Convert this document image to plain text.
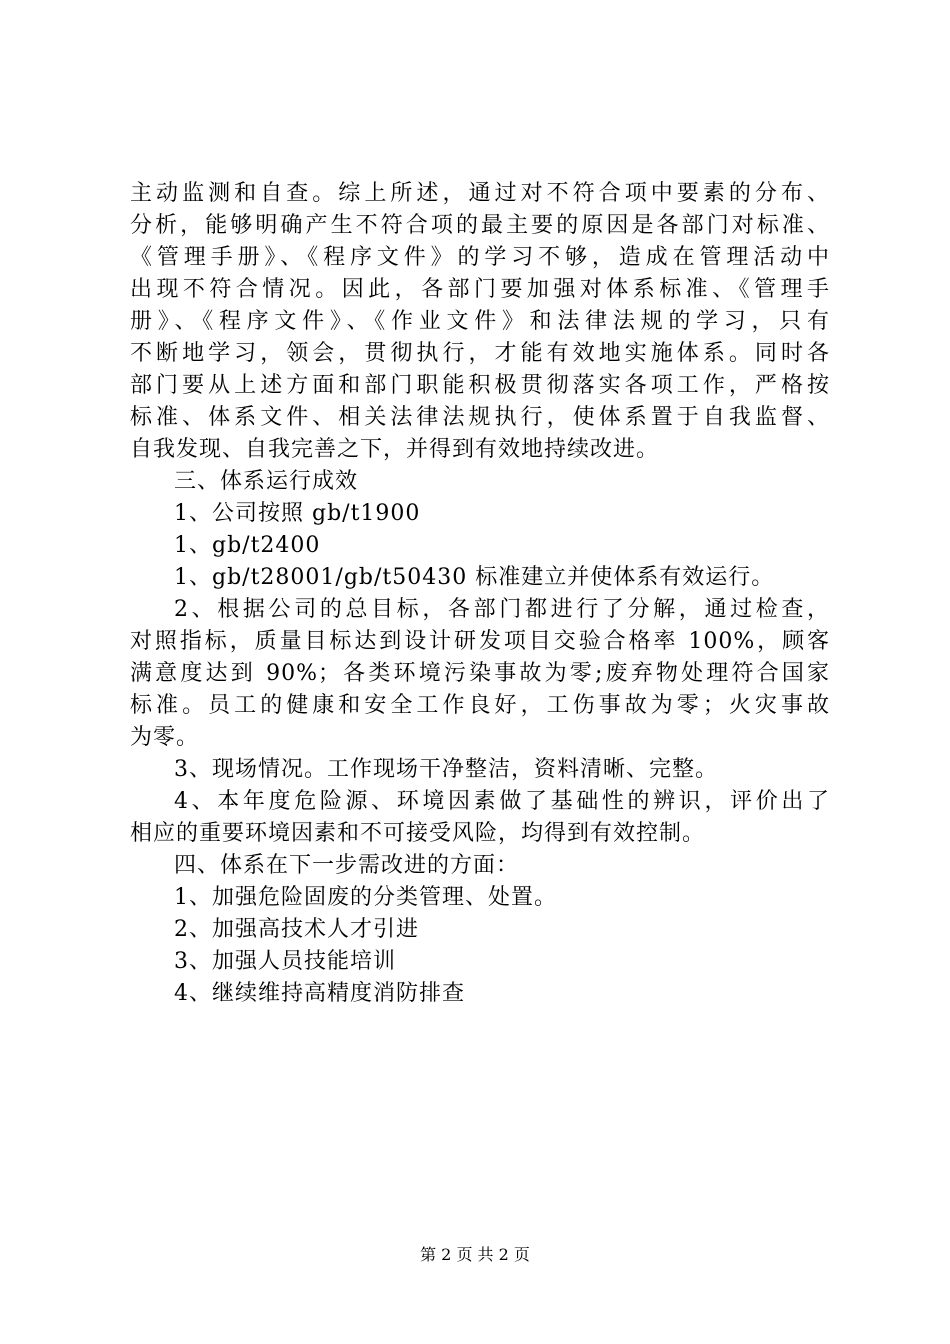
主动监测和自查。综上所述，通过对不符合项中要素的分布、
分析，能够明确产生不符合项的最主要的原因是各部门对标准、
《管理手册》、《程序文件》的学习不够，造成在管理活动中
出现不符合情况。因此，各部门要加强对体系标准、《管理手
册》、《程序文件》、《作业文件》和法律法规的学习，只有
不断地学习，领会，贯彻执行，才能有效地实施体系。同时各
部门要从上述方面和部门职能积极贯彻落实各项工作，严格按
标准、体系文件、相关法律法规执行，使体系置于自我监督、
自我发现、自我完善之下，并得到有效地持续改进。
三、体系运行成效
1、公司按照 gb/t1900
1、gb/t2400
1、gb/t28001/gb/t50430 标准建立并使体系有效运行。
2、根据公司的总目标，各部门都进行了分解，通过检查，
对照指标，质量目标达到设计研发项目交验合格率 100%，顾客
满意度达到 90%；各类环境污染事故为零;废弃物处理符合国家
标准。员工的健康和安全工作良好，工伤事故为零；火灾事故
为零。
3、现场情况。工作现场干净整洁，资料清晰、完整。
4、本年度危险源、环境因素做了基础性的辨识，评价出了
相应的重要环境因素和不可接受风险，均得到有效控制。
四、体系在下一步需改进的方面：
1、加强危险固废的分类管理、处置。
2、加强高技术人才引进
3、加强人员技能培训
4、继续维持高精度消防排查
第 2 页 共 2 页
